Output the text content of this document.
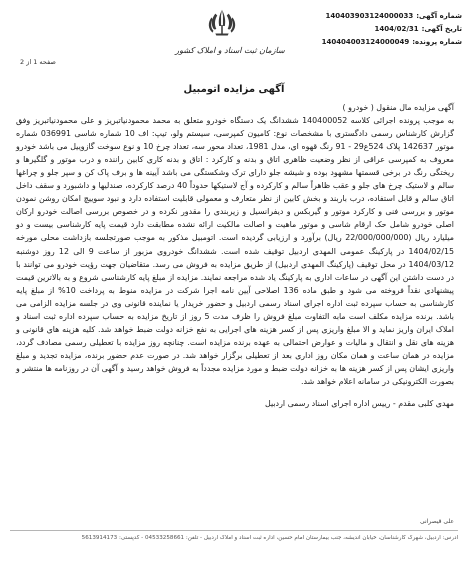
شماره آگهی:
140403903124000033
تاریخ آگهی:
1404/02/31
شماره پرونده:
140404003124000049
سازمان ثبت اسناد و املاک کشور
صفحه 1 از 2
آگهی مزایده اتومبیل

آگهی مزایده مال منقول ( خودرو )

به موجب پرونده اجرائی کلاسه 140400052 ششدانگ یک دستگاه خودرو متعلق به محمد محمودنیاتبریز و علی محمودنیاتبریز وفق گزارش کارشناس رسمی دادگستری با مشخصات نوع: کامیون کمپرسی، سیستم ولو، تیپ: اف 10 شماره شاسی 036991 شماره موتور 142637 پلاک 524ع29 - 91 رنگ قهوه ای، مدل 1981، تعداد محور سه، تعداد چرخ 10 و نوع سوخت گازوییل می باشد خودرو معروف به کمپرسی عراقی از نظر وضعیت ظاهری اتاق و بدنه و کارکرد : اتاق و بدنه کاری کابین راننده و درب موتور و گلگیرها و ریختگی رنگ در برخی قسمتها مشهود بوده و شیشه جلو دارای ترک وشکستگی می باشد آیینه ها و برف پاک کن و سپر جلو و چراغها سالم و لاستیک چرخ های جلو و عقب ظاهراً سالم و کارکرده و آج لاستیکها حدوداً 40 درصد کارکرده، صندلیها و داشبورد و سقف داخل اتاق سالم و قابل استفاده، درب باربند و بخش کابین از نظر متعارف و معمولی قابلیت استفاده دارد و نبود سوییچ امکان روشن نمودن موتور و بررسی فنی و کارکرد موتور و گیربکس و دیفرانسیل و زیربندی را مقدور نکرده و در خصوص بررسی اصالت خودرو ارکان اصلی خودرو شامل حک ارقام شاسی و موتور ماهیت و اصالت مالکیت ارائه نشده مطابقت دارد قیمت پایه کارشناسی بیست و دو میلیارد ریال (22/000/000/000 ریال) برآورد و ارزیابی گردیده است. اتومبیل مذکور به موجب صورتجلسه بازداشت محلی مورخه 1404/02/15 در پارکینگ عمومی المهدی اردبیل توقیف شده است. ششدانگ خودروی مزبور از ساعت 9 الی 12 روز دوشنبه 1404/03/12 در محل توقیف (پارکینگ المهدی اردبیل) از طریق مزایده به فروش می رسد. متقاضیان جهت رؤیت خودرو می توانند با در دست داشتن این آگهی در ساعات اداری به پارکینگ یاد شده مراجعه نمایند. مزایده از مبلغ پایه کارشناسی شروع و به بالاترین قیمت پیشنهادی نقداً فروخته می شود و طبق ماده 136 اصلاحی آیین نامه اجرا شرکت در مزایده منوط به پرداخت 10% از مبلغ پایه کارشناسی به حساب سپرده ثبت اداره اجرای اسناد رسمی اردبیل و حضور خریدار یا نماینده قانونی وی در جلسه مزایده الزامی می باشد. برنده مزایده مکلف است مابه التفاوت مبلغ فروش را ظرف مدت 5 روز از تاریخ مزایده به حساب سپرده اداره ثبت اسناد و املاک ایران واریز نماید و الا مبلغ واریزی پس از کسر هزینه های اجرایی به نفع خزانه دولت ضبط خواهد شد. کلیه هزینه های قانونی و هزینه های نقل و انتقال و مالیات و عوارض احتمالی به عهده برنده مزایده است. چنانچه روز مزایده با تعطیلی رسمی مصادف گردد، مزایده در همان ساعت و همان مکان روز اداری بعد از تعطیلی برگزار خواهد شد. در صورت عدم حضور برنده، مزایده تجدید و مبلغ واریزی ایشان پس از کسر هزینه ها به خزانه دولت ضبط و مورد مزایده مجدداً به فروش خواهد رسید و آگهی آن در روزنامه ها منتشر و بصورت الکترونیکی در سامانه اعلام خواهد شد.

مهدی کلبی مقدم - رییس اداره اجرای اسناد رسمی اردبیل

علی قیصرانی
آدرس: اردبیل، شهرک کارشناسان، خیابان اندیشه، جنب بیمارستان امام حسین، اداره ثبت اسناد و املاک اردبیل - تلفن: 04533258661 - کدپستی: 5613914173
